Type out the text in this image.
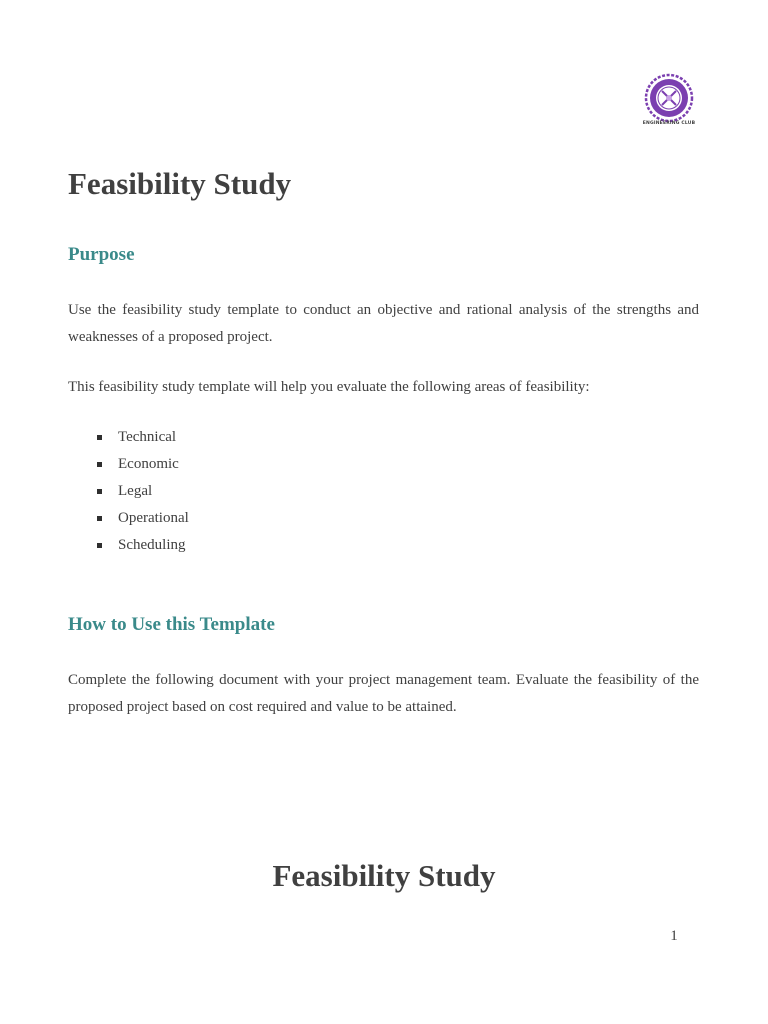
ENGINEERING CLUB
Feasibility Study
Purpose

Use the feasibility study template to conduct an objective and rational analysis of the strengths and weaknesses of a proposed project.

This feasibility study template will help you evaluate the following areas of feasibility:

Technical
Economic
Legal
Operational
Scheduling
How to Use this Template

Complete the following document with your project management team. Evaluate the feasibility of the proposed project based on cost required and value to be attained.

Feasibility Study
1
